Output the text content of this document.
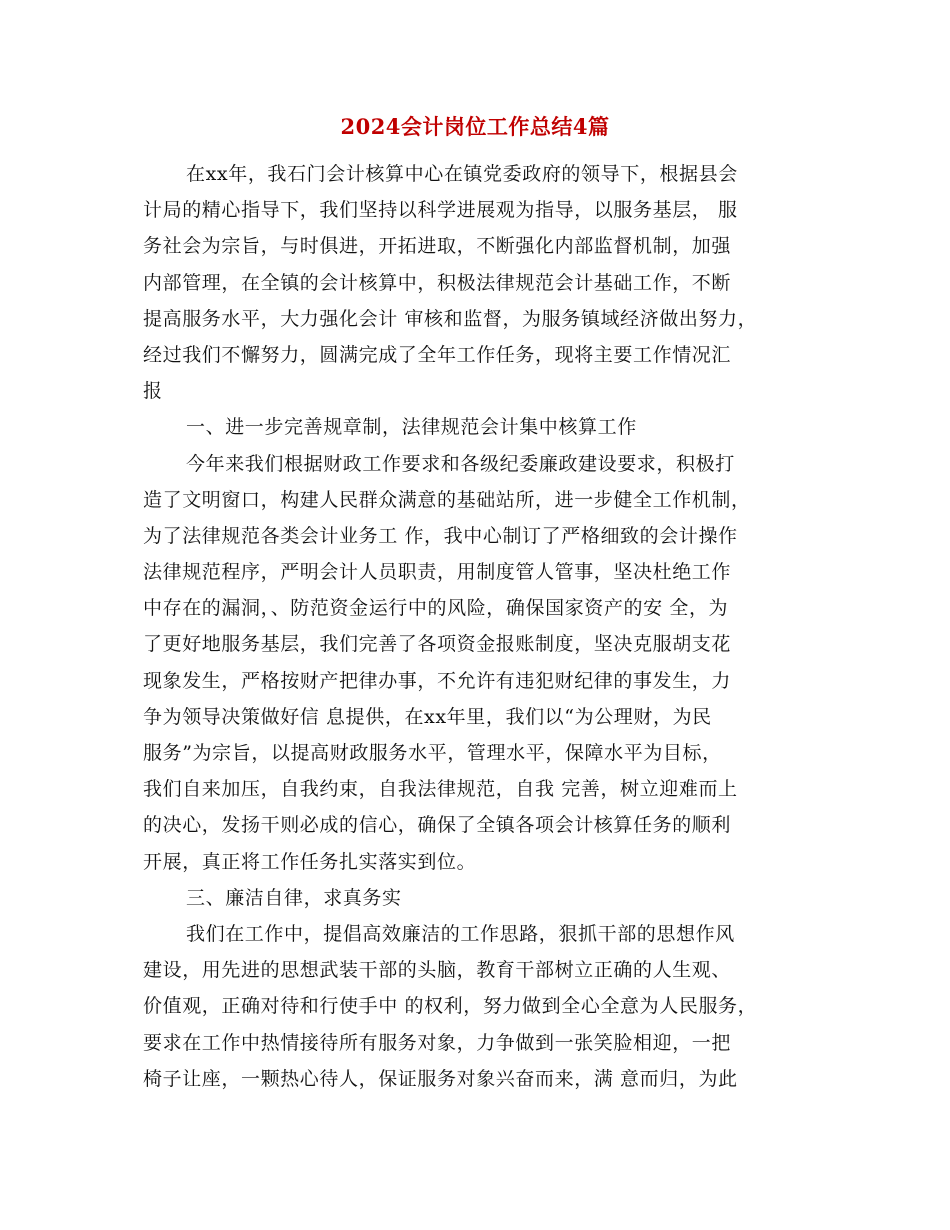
2024会计岗位工作总结4篇
在xx年，我石门会计核算中心在镇党委政府的领导下，根据县会
计局的精心指导下，我们坚持以科学进展观为指导，以服务基层， 服
务社会为宗旨，与时俱进，开拓进取，不断强化内部监督机制，加强
内部管理，在全镇的会计核算中，积极法律规范会计基础工作，不断
提高服务水平，大力强化会计 审核和监督，为服务镇域经济做出努力，
经过我们不懈努力，圆满完成了全年工作任务，现将主要工作情况汇
报
一、进一步完善规章制，法律规范会计集中核算工作
今年来我们根据财政工作要求和各级纪委廉政建设要求，积极打
造了文明窗口，构建人民群众满意的基础站所，进一步健全工作机制，
为了法律规范各类会计业务工 作，我中心制订了严格细致的会计操作
法律规范程序，严明会计人员职责，用制度管人管事，坚决杜绝工作
中存在的漏洞，、防范资金运行中的风险，确保国家资产的安 全，为
了更好地服务基层，我们完善了各项资金报账制度，坚决克服胡支花
现象发生，严格按财产把律办事，不允许有违犯财纪律的事发生，力
争为领导决策做好信 息提供，在xx年里，我们以“为公理财，为民
服务”为宗旨，以提高财政服务水平，管理水平，保障水平为目标，
我们自来加压，自我约束，自我法律规范，自我 完善，树立迎难而上
的决心，发扬干则必成的信心，确保了全镇各项会计核算任务的顺利
开展，真正将工作任务扎实落实到位。
三、廉洁自律，求真务实
我们在工作中，提倡高效廉洁的工作思路，狠抓干部的思想作风
建设，用先进的思想武装干部的头脑，教育干部树立正确的人生观、
价值观，正确对待和行使手中 的权利，努力做到全心全意为人民服务，
要求在工作中热情接待所有服务对象，力争做到一张笑脸相迎，一把
椅子让座，一颗热心待人，保证服务对象兴奋而来，满 意而归，为此
